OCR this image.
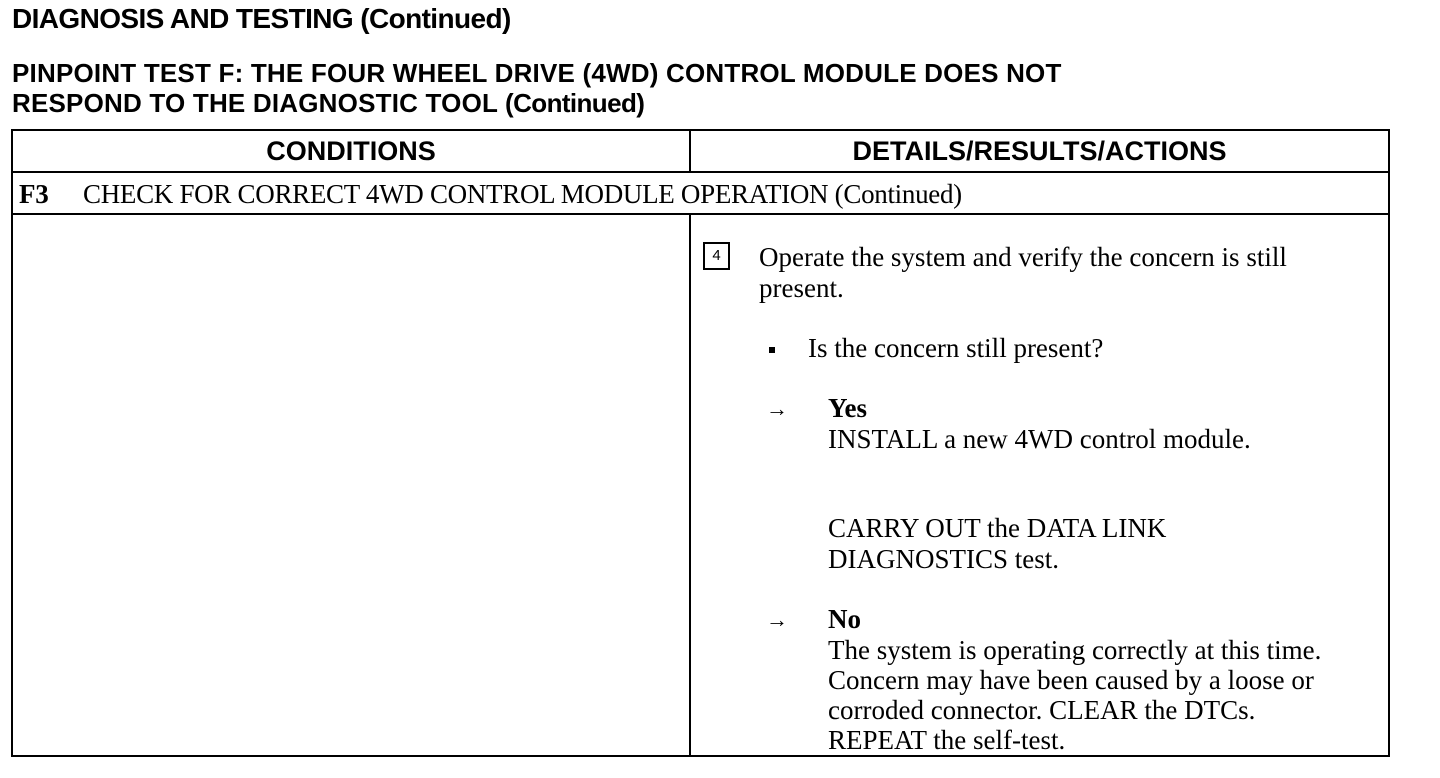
DIAGNOSIS AND TESTING (Continued)
PINPOINT TEST F: THE FOUR WHEEL DRIVE (4WD) CONTROL MODULE DOES NOT
RESPOND TO THE DIAGNOSTIC TOOL (Continued)
CONDITIONS	DETAILS/RESULTS/ACTIONS
F3 CHECK FOR CORRECT 4WD CONTROL MODULE OPERATION (Continued)
4	Operate the system and verify the concern is still
present.
Is the concern still present?
→ Yes
INSTALL a new 4WD control module.
CARRY OUT the DATA LINK
DIAGNOSTICS test.
→ No
The system is operating correctly at this time.
Concern may have been caused by a loose or
corroded connector. CLEAR the DTCs.
REPEAT the self-test.
